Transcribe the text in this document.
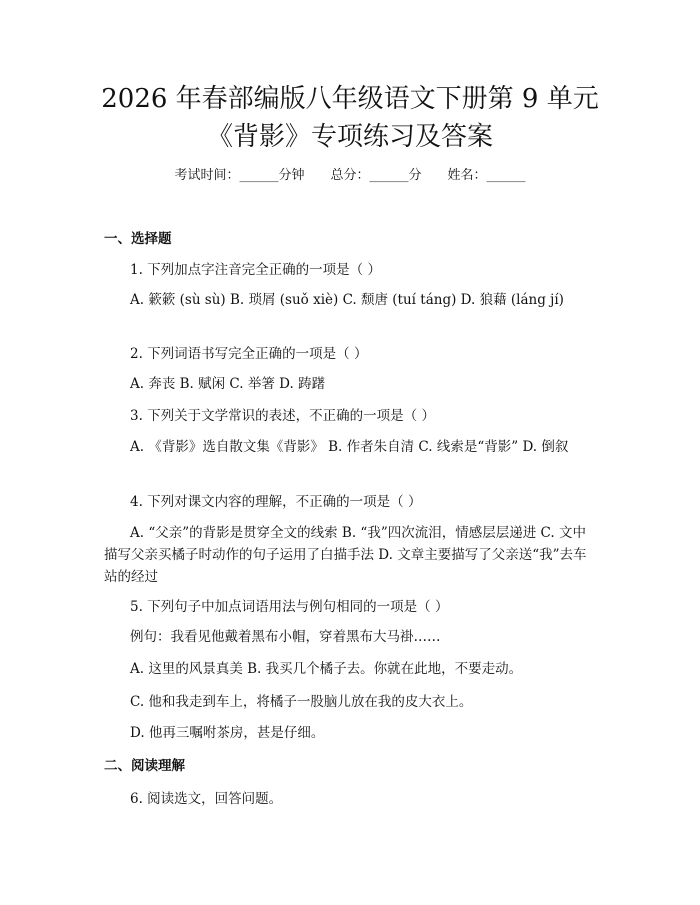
2026 年春部编版八年级语文下册第 9 单元
《背影》专项练习及答案
考试时间：______分钟 总分：______分 姓名：______
一、选择题
1. 下列加点字注音完全正确的一项是（ ）
A. 簌簌 (sù sù) B. 琐屑 (suǒ xiè) C. 颓唐 (tuí táng) D. 狼藉 (láng jí)
2. 下列词语书写完全正确的一项是（ ）
A. 奔丧 B. 赋闲 C. 举箸 D. 踌躇
3. 下列关于文学常识的表述，不正确的一项是（ ）
A. 《背影》选自散文集《背影》 B. 作者朱自清 C. 线索是“背影” D. 倒叙
4. 下列对课文内容的理解，不正确的一项是（ ）
A. “父亲”的背影是贯穿全文的线索 B. “我”四次流泪，情感层层递进 C. 文中描写父亲买橘子时动作的句子运用了白描手法 D. 文章主要描写了父亲送“我”去车站的经过
5. 下列句子中加点词语用法与例句相同的一项是（ ）
例句：我看见他戴着黑布小帽，穿着黑布大马褂……
A. 这里的风景真美 B. 我买几个橘子去。你就在此地，不要走动。
C. 他和我走到车上，将橘子一股脑儿放在我的皮大衣上。
D. 他再三嘱咐茶房，甚是仔细。
二、阅读理解
6. 阅读选文，回答问题。
